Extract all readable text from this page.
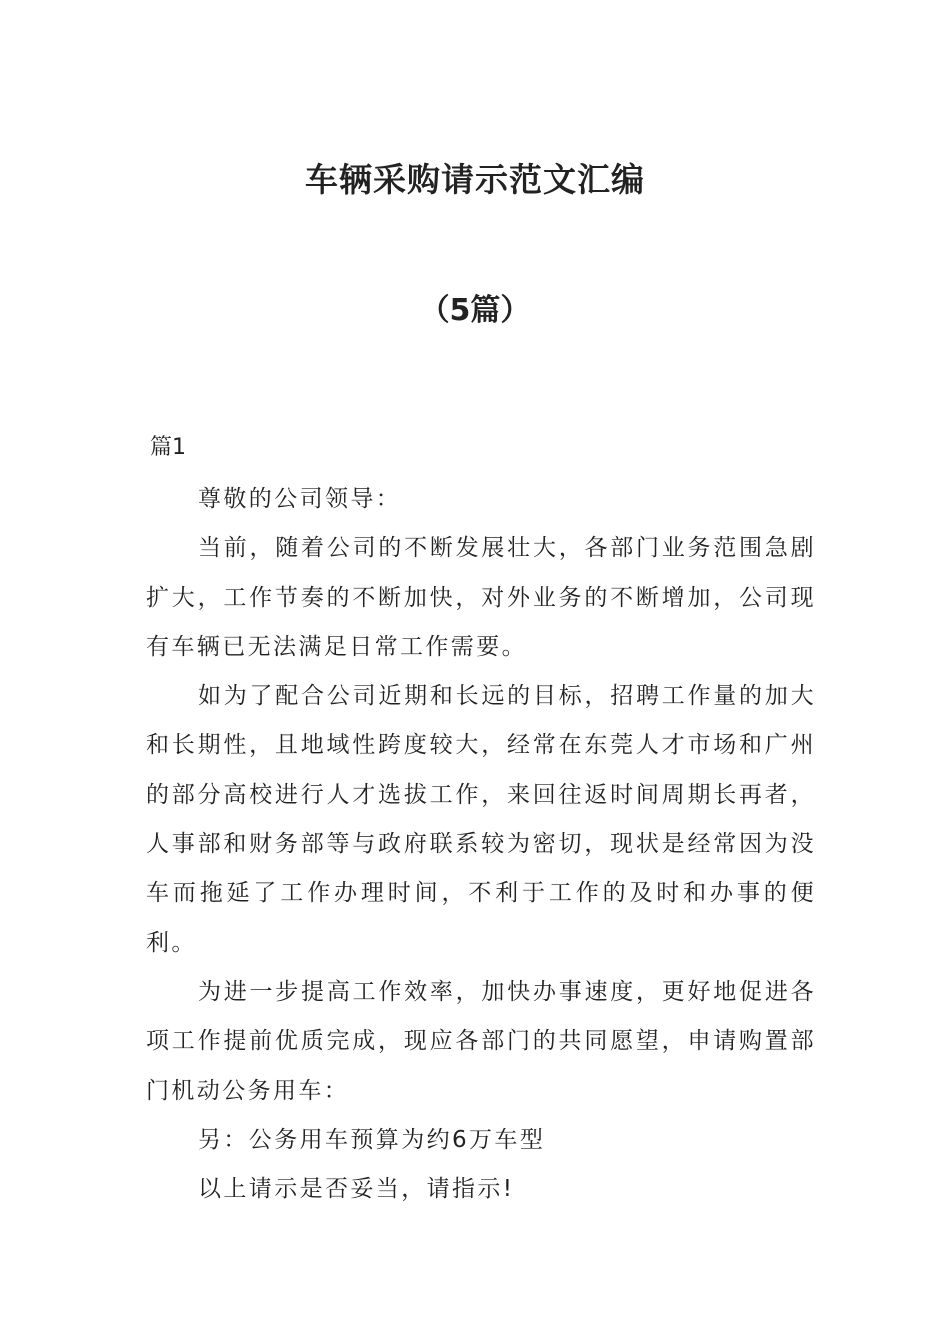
车辆采购请示范文汇编
（5篇）
篇1

尊敬的公司领导：

当前，随着公司的不断发展壮大，各部门业务范围急剧扩大，工作节奏的不断加快，对外业务的不断增加，公司现有车辆已无法满足日常工作需要。

如为了配合公司近期和长远的目标，招聘工作量的加大和长期性，且地域性跨度较大，经常在东莞人才市场和广州的部分高校进行人才选拔工作，来回往返时间周期长再者，人事部和财务部等与政府联系较为密切，现状是经常因为没车而拖延了工作办理时间，不利于工作的及时和办事的便利。

为进一步提高工作效率，加快办事速度，更好地促进各项工作提前优质完成，现应各部门的共同愿望，申请购置部门机动公务用车：

另：公务用车预算为约6万车型

以上请示是否妥当，请指示!
